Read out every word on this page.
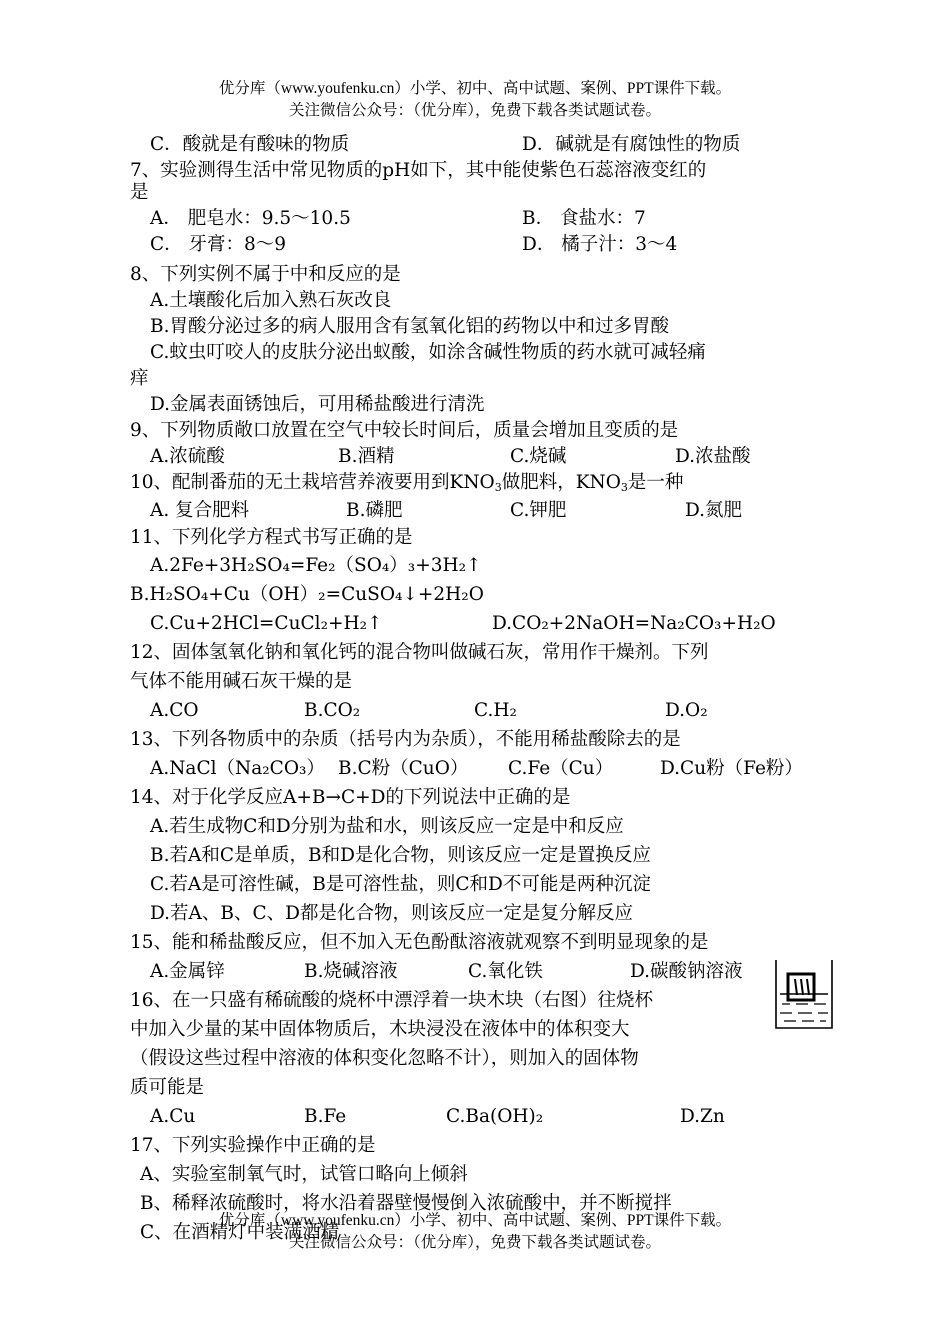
优分库（www.youfenku.cn）小学、初中、高中试题、案例、PPT课件下载。
关注微信公众号：（优分库），免费下载各类试题试卷。
C．酸就是有酸味的物质	D．碱就是有腐蚀性的物质
7、实验测得生活中常见物质的pH如下，其中能使紫色石蕊溶液变红的
是
A． 肥皂水：9.5～10.5	B． 食盐水：7
C． 牙膏：8～9	D． 橘子汁：3～4
8、下列实例不属于中和反应的是
A.土壤酸化后加入熟石灰改良
B.胃酸分泌过多的病人服用含有氢氧化铝的药物以中和过多胃酸
C.蚊虫叮咬人的皮肤分泌出蚁酸，如涂含碱性物质的药水就可减轻痛
痒
D.金属表面锈蚀后，可用稀盐酸进行清洗
9、下列物质敞口放置在空气中较长时间后，质量会增加且变质的是
A.浓硫酸	B.酒精	C.烧碱	D.浓盐酸
10、配制番茄的无土栽培营养液要用到$KNO_3$做肥料，$KNO_3$是一种
A. 复合肥料	B.磷肥	C.钾肥	D.氮肥
11、下列化学方程式书写正确的是
A.2Fe+3H₂SO₄=Fe₂（SO₄）₃+3H₂↑
B.H₂SO₄+Cu（OH）₂=CuSO₄↓+2H₂O
C.Cu+2HCl=CuCl₂+H₂↑	D.CO₂+2NaOH=Na₂CO₃+H₂O
12、固体氢氧化钠和氧化钙的混合物叫做碱石灰，常用作干燥剂。下列
气体不能用碱石灰干燥的是
A.CO	B.CO₂	C.H₂	D.O₂
13、下列各物质中的杂质（括号内为杂质），不能用稀盐酸除去的是
A.NaCl（Na₂CO₃） B.C粉（CuO） C.Fe（Cu）	D.Cu粉（Fe粉）
14、对于化学反应A+B→C+D的下列说法中正确的是
A.若生成物C和D分别为盐和水，则该反应一定是中和反应
B.若A和C是单质，B和D是化合物，则该反应一定是置换反应
C.若A是可溶性碱，B是可溶性盐，则C和D不可能是两种沉淀
D.若A、B、C、D都是化合物，则该反应一定是复分解反应
15、能和稀盐酸反应，但不加入无色酚酞溶液就观察不到明显现象的是
A.金属锌	B.烧碱溶液	C.氧化铁	D.碳酸钠溶液
16、在一只盛有稀硫酸的烧杯中漂浮着一块木块（右图）往烧杯
中加入少量的某中固体物质后，木块浸没在液体中的体积变大
（假设这些过程中溶液的体积变化忽略不计），则加入的固体物
质可能是
A.Cu	B.Fe	C.Ba(OH)₂	D.Zn
17、下列实验操作中正确的是
A、实验室制氧气时，试管口略向上倾斜
B、稀释浓硫酸时，将水沿着器壁慢慢倒入浓硫酸中，并不断搅拌
C、在酒精灯中装满酒精
优分库（www.youfenku.cn）小学、初中、高中试题、案例、PPT课件下载。
关注微信公众号：（优分库），免费下载各类试题试卷。
